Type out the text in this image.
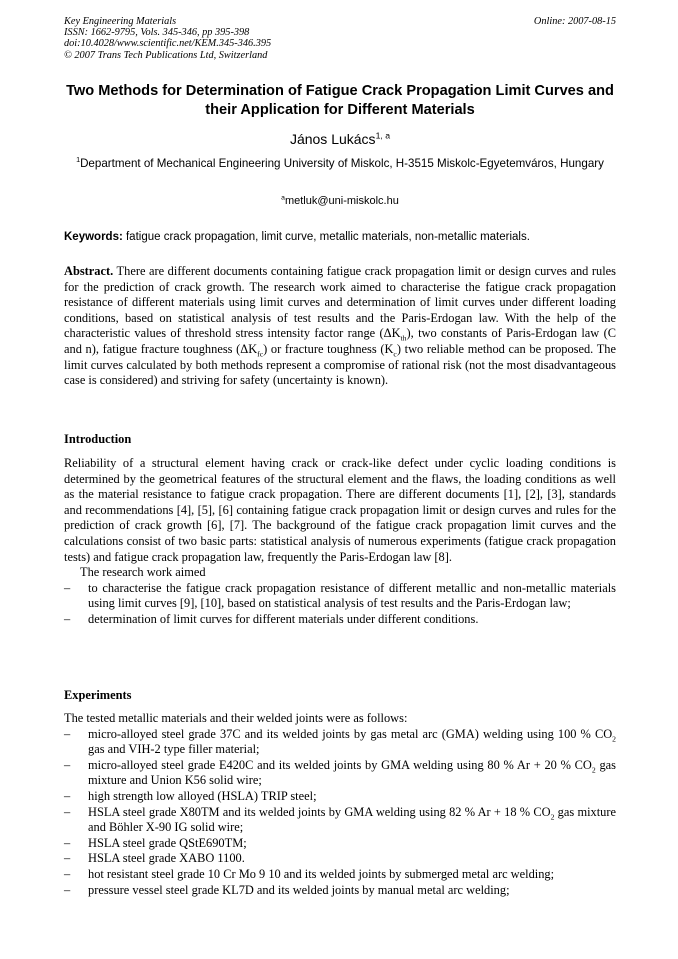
Key Engineering Materials
ISSN: 1662-9795, Vols. 345-346, pp 395-398
doi:10.4028/www.scientific.net/KEM.345-346.395
© 2007 Trans Tech Publications Ltd, Switzerland
Online: 2007-08-15
Two Methods for Determination of Fatigue Crack Propagation Limit Curves and their Application for Different Materials
János Lukács$^{1, a}$
$^1$Department of Mechanical Engineering University of Miskolc, H-3515 Miskolc-Egyetemváros, Hungary
$^a$metluk@uni-miskolc.hu
Keywords: fatigue crack propagation, limit curve, metallic materials, non-metallic materials.
Abstract. There are different documents containing fatigue crack propagation limit or design curves and rules for the prediction of crack growth. The research work aimed to characterise the fatigue crack propagation resistance of different materials using limit curves and determination of limit curves under different loading conditions, based on statistical analysis of test results and the Paris-Erdogan law. With the help of the characteristic values of threshold stress intensity factor range $(\Delta K_{th})$, two constants of Paris-Erdogan law (C and n), fatigue fracture toughness $(\Delta K_{fc})$ or fracture toughness $(K_c)$ two reliable method can be proposed. The limit curves calculated by both methods represent a compromise of rational risk (not the most disadvantageous case is considered) and striving for safety (uncertainty is known).
Introduction

Reliability of a structural element having crack or crack-like defect under cyclic loading conditions is determined by the geometrical features of the structural element and the flaws, the loading conditions as well as the material resistance to fatigue crack propagation. There are different documents [1], [2], [3], standards and recommendations [4], [5], [6] containing fatigue crack propagation limit or design curves and rules for the prediction of crack growth [6], [7]. The background of the fatigue crack propagation limit curves and the calculations consist of two basic parts: statistical analysis of numerous experiments (fatigue crack propagation tests) and fatigue crack propagation law, frequently the Paris-Erdogan law [8].

The research work aimed

– to characterise the fatigue crack propagation resistance of different metallic and non-metallic materials using limit curves [9], [10], based on statistical analysis of test results and the Paris-Erdogan law;
– determination of limit curves for different materials under different conditions.
Experiments

The tested metallic materials and their welded joints were as follows:

– micro-alloyed steel grade 37C and its welded joints by gas metal arc (GMA) welding using 100 % $CO_2$ gas and VIH-2 type filler material;
– micro-alloyed steel grade E420C and its welded joints by GMA welding using 80 % Ar + 20 % $CO_2$ gas mixture and Union K56 solid wire;
– high strength low alloyed (HSLA) TRIP steel;
– HSLA steel grade X80TM and its welded joints by GMA welding using 82 % Ar + 18 % $CO_2$ gas mixture and Böhler X-90 IG solid wire;
– HSLA steel grade QStE690TM;
– HSLA steel grade XABO 1100.
– hot resistant steel grade 10 Cr Mo 9 10 and its welded joints by submerged metal arc welding;
– pressure vessel steel grade KL7D and its welded joints by manual metal arc welding;
